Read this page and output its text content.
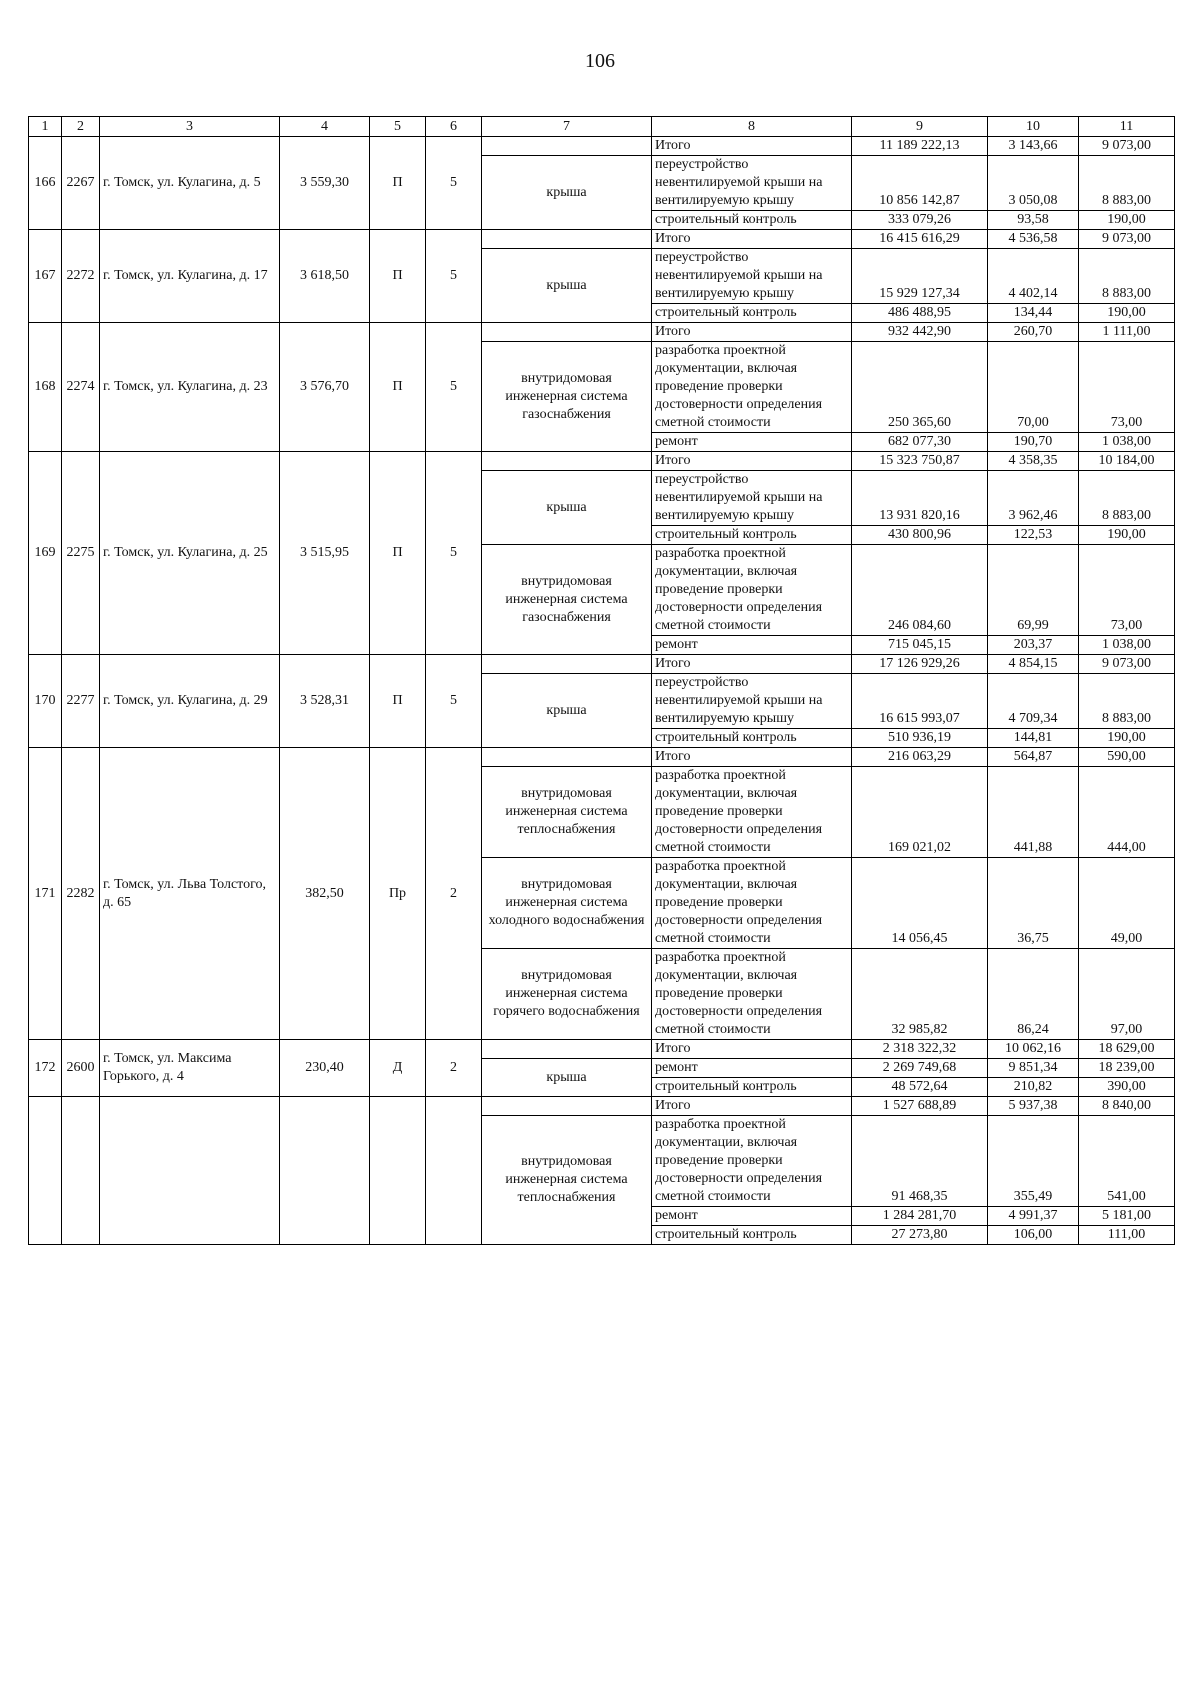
106
1	2	3	4	5	6	7	8	9	10	11
166	2267	г. Томск, ул. Кулагина, д. 5	3 559,30	П	5		Итого	11 189 222,13	3 143,66	9 073,00
						крыша	переустройство невентилируемой крыши на вентилируемую крышу	10 856 142,87	3 050,08	8 883,00
							строительный контроль	333 079,26	93,58	190,00
167	2272	г. Томск, ул. Кулагина, д. 17	3 618,50	П	5		Итого	16 415 616,29	4 536,58	9 073,00
						крыша	переустройство невентилируемой крыши на вентилируемую крышу	15 929 127,34	4 402,14	8 883,00
							строительный контроль	486 488,95	134,44	190,00
168	2274	г. Томск, ул. Кулагина, д. 23	3 576,70	П	5		Итого	932 442,90	260,70	1 111,00
						внутридомовая инженерная система газоснабжения	разработка проектной документации, включая проведение проверки достоверности определения сметной стоимости	250 365,60	70,00	73,00
							ремонт	682 077,30	190,70	1 038,00
169	2275	г. Томск, ул. Кулагина, д. 25	3 515,95	П	5		Итого	15 323 750,87	4 358,35	10 184,00
						крыша	переустройство невентилируемой крыши на вентилируемую крышу	13 931 820,16	3 962,46	8 883,00
							строительный контроль	430 800,96	122,53	190,00
						внутридомовая инженерная система газоснабжения	разработка проектной документации, включая проведение проверки достоверности определения сметной стоимости	246 084,60	69,99	73,00
							ремонт	715 045,15	203,37	1 038,00
170	2277	г. Томск, ул. Кулагина, д. 29	3 528,31	П	5		Итого	17 126 929,26	4 854,15	9 073,00
						крыша	переустройство невентилируемой крыши на вентилируемую крышу	16 615 993,07	4 709,34	8 883,00
							строительный контроль	510 936,19	144,81	190,00
171	2282	г. Томск, ул. Льва Толстого, д. 65	382,50	Пр	2		Итого	216 063,29	564,87	590,00
						внутридомовая инженерная система теплоснабжения	разработка проектной документации, включая проведение проверки достоверности определения сметной стоимости	169 021,02	441,88	444,00
						внутридомовая инженерная система холодного водоснабжения	разработка проектной документации, включая проведение проверки достоверности определения сметной стоимости	14 056,45	36,75	49,00
						внутридомовая инженерная система горячего водоснабжения	разработка проектной документации, включая проведение проверки достоверности определения сметной стоимости	32 985,82	86,24	97,00
172	2600	г. Томск, ул. Максима Горького, д. 4	230,40	Д	2		Итого	2 318 322,32	10 062,16	18 629,00
						крыша	ремонт	2 269 749,68	9 851,34	18 239,00
							строительный контроль	48 572,64	210,82	390,00
							Итого	1 527 688,89	5 937,38	8 840,00
						внутридомовая инженерная система теплоснабжения	разработка проектной документации, включая проведение проверки достоверности определения сметной стоимости	91 468,35	355,49	541,00
							ремонт	1 284 281,70	4 991,37	5 181,00
							строительный контроль	27 273,80	106,00	111,00
